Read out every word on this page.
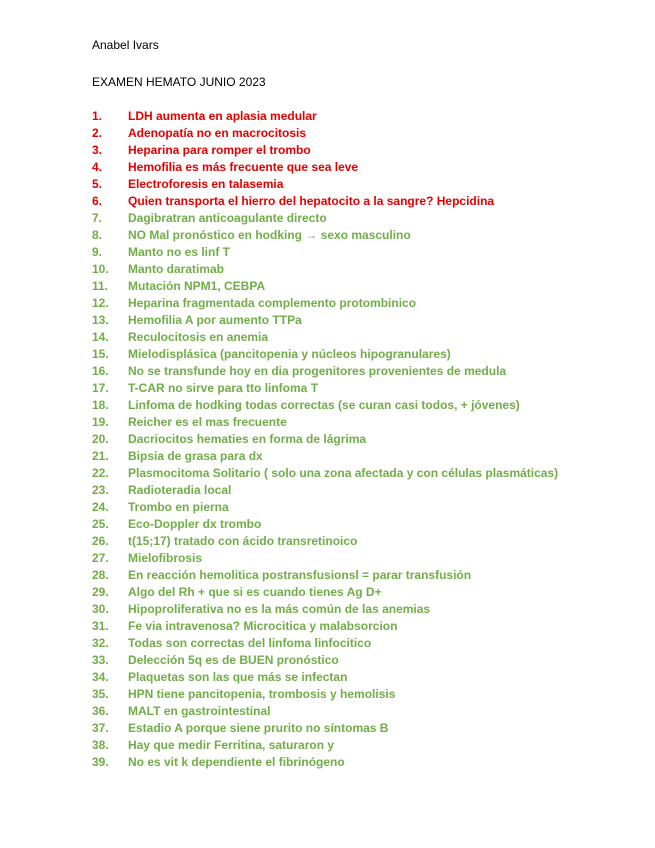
Anabel Ivars
EXAMEN HEMATO JUNIO 2023
1.	LDH aumenta en aplasia medular
2.	Adenopatía no en macrocitosis
3.	Heparina para romper el trombo
4.	Hemofilia es más frecuente que sea leve
5.	Electroforesis en talasemia
6.	Quien transporta el hierro del hepatocito a la sangre? Hepcidina
7.	Dagibratran anticoagulante directo
8.	NO Mal pronóstico en hodking → sexo masculino
9.	Manto no es linf T
10.	Manto daratimab
11.	Mutación NPM1, CEBPA
12.	Heparina fragmentada complemento protombinico
13.	Hemofilia A por aumento TTPa
14.	Reculocitosis en anemia
15.	Mielodisplásica (pancitopenia y núcleos hipogranulares)
16.	No se transfunde hoy en dia progenitores provenientes de medula
17.	T-CAR no sirve para tto linfoma T
18.	Linfoma de hodking todas correctas (se curan casi todos, + jóvenes)
19.	Reicher es el mas frecuente
20.	Dacriocitos hematies en forma de lágrima
21.	Bipsia de grasa para dx
22.	Plasmocitoma Solitario ( solo una zona afectada y con células plasmáticas)
23.	Radioteradia local
24.	Trombo en pierna
25.	Eco-Doppler dx trombo
26.	t(15;17) tratado con ácido transretinoico
27.	Mielofibrosis
28.	En reacción hemolitica postransfusionsl = parar transfusión
29.	Algo del Rh + que si es cuando tienes Ag D+
30.	Hipoproliferativa no es la más común de las anemias
31.	Fe via intravenosa? Microcitica y malabsorcion
32.	Todas son correctas del linfoma linfocitico
33.	Delección 5q es de BUEN pronóstico
34.	Plaquetas son las que más se infectan
35.	HPN tiene pancitopenia, trombosis y hemolisis
36.	MALT en gastrointestinal
37.	Estadio A porque siene prurito no síntomas B
38.	Hay que medir Ferritina, saturaron y
39.	No es vit k dependiente el fibrinógeno
